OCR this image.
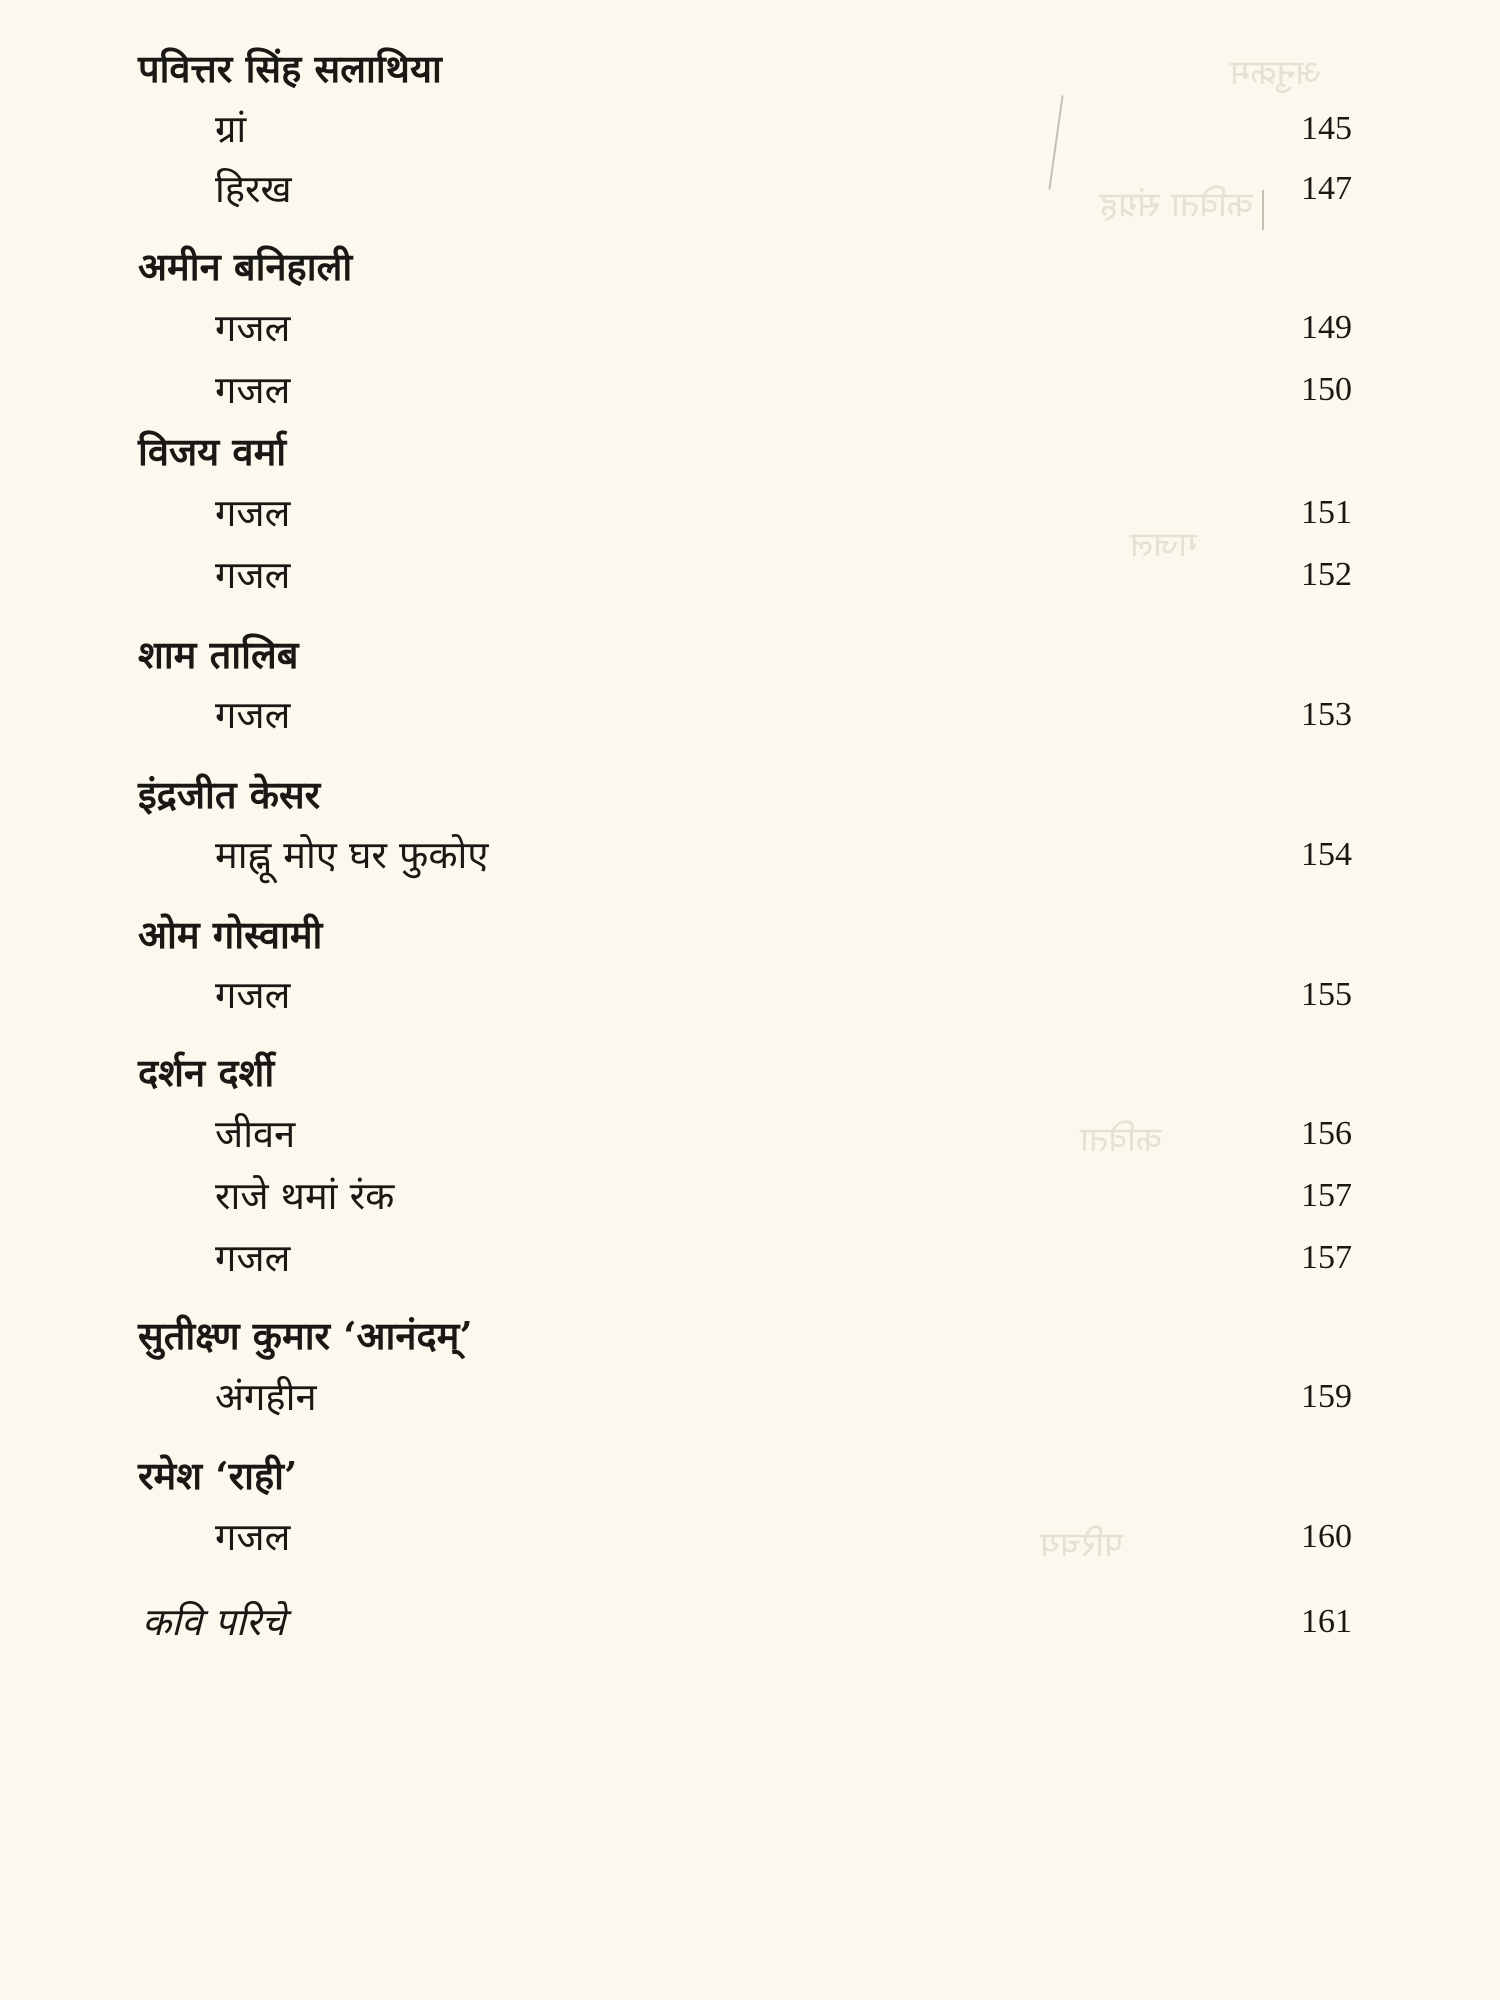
अनुक्रम
कविता संग्रह
गजल
कविता
परिचय
पवित्तर सिंह सलाथिया
ग्रां	145
हिरख	147
अमीन बनिहाली
गजल	149
गजल	150
विजय वर्मा
गजल	151
गजल	152
शाम तालिब
गजल	153
इंद्रजीत केसर
माह्नू मोए घर फुकोए	154
ओम गोस्वामी
गजल	155
दर्शन दर्शी
जीवन	156
राजे थमां रंक	157
गजल	157
सुतीक्ष्ण कुमार ‘आनंदम्’
अंगहीन	159
रमेश ‘राही’
गजल	160
कवि परिचे	161
